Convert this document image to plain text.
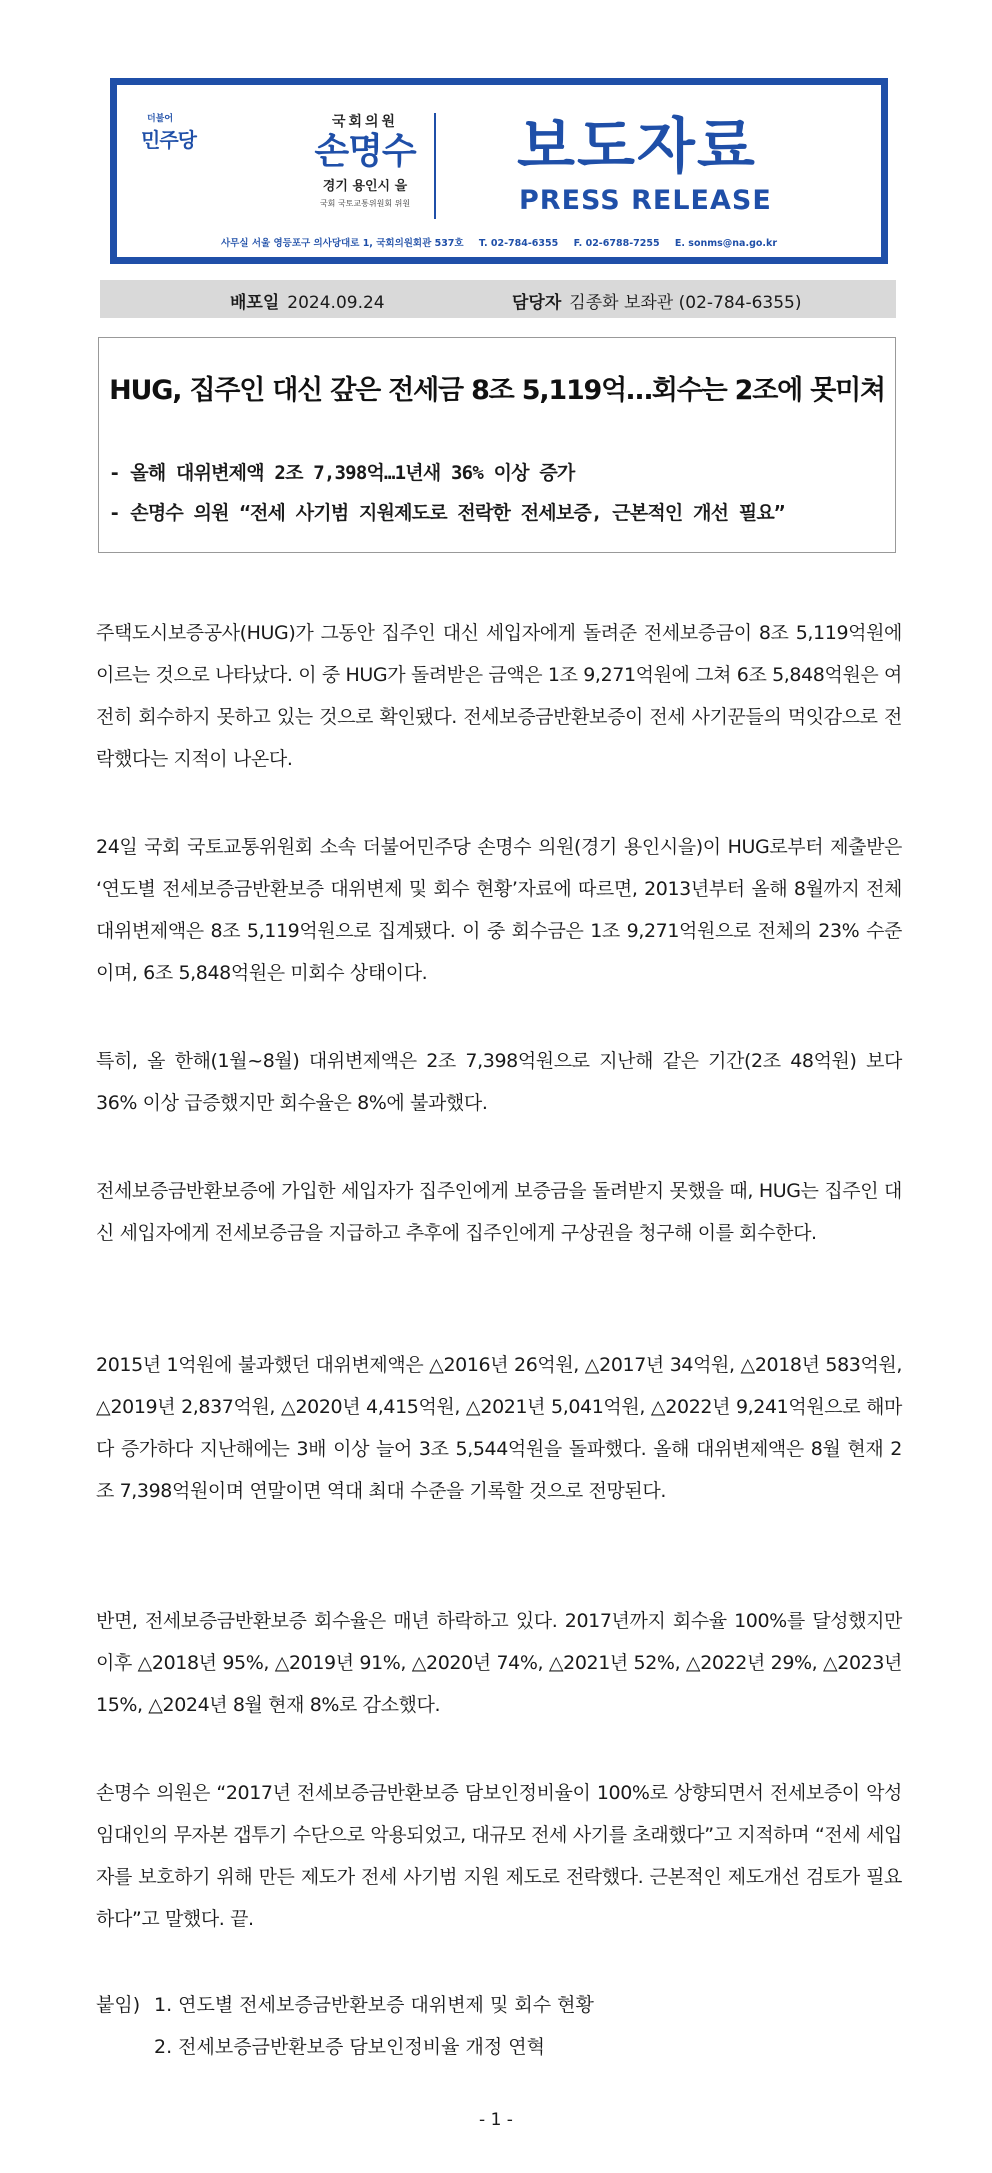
더불어
민주당
국회의원
손명수
경기 용인시 을
국회 국토교통위원회 위원
보도자료
PRESS RELEASE
사무실 서울 영등포구 의사당대로 1, 국회의원회관 537호 T. 02-784-6355 F. 02-6788-7255 E. sonms@na.go.kr
배포일 2024.09.24	담당자 김종화 보좌관 (02-784-6355)
HUG, 집주인 대신 갚은 전세금 8조 5,119억…회수는 2조에 못미쳐
- 올해 대위변제액 2조 7,398억…1년새 36% 이상 증가
- 손명수 의원 “전세 사기범 지원제도로 전락한 전세보증, 근본적인 개선 필요”
주택도시보증공사(HUG)가 그동안 집주인 대신 세입자에게 돌려준 전세보증금이 8조 5,119억원에 이르는 것으로 나타났다. 이 중 HUG가 돌려받은 금액은 1조 9,271억원에 그쳐 6조 5,848억원은 여전히 회수하지 못하고 있는 것으로 확인됐다. 전세보증금반환보증이 전세 사기꾼들의 먹잇감으로 전락했다는 지적이 나온다.
24일 국회 국토교통위원회 소속 더불어민주당 손명수 의원(경기 용인시을)이 HUG로부터 제출받은 ‘연도별 전세보증금반환보증 대위변제 및 회수 현황’자료에 따르면, 2013년부터 올해 8월까지 전체 대위변제액은 8조 5,119억원으로 집계됐다. 이 중 회수금은 1조 9,271억원으로 전체의 23% 수준이며, 6조 5,848억원은 미회수 상태이다.
특히, 올 한해(1월~8월) 대위변제액은 2조 7,398억원으로 지난해 같은 기간(2조 48억원) 보다 36% 이상 급증했지만 회수율은 8%에 불과했다.
전세보증금반환보증에 가입한 세입자가 집주인에게 보증금을 돌려받지 못했을 때, HUG는 집주인 대신 세입자에게 전세보증금을 지급하고 추후에 집주인에게 구상권을 청구해 이를 회수한다.
2015년 1억원에 불과했던 대위변제액은 △2016년 26억원, △2017년 34억원, △2018년 583억원, △2019년 2,837억원, △2020년 4,415억원, △2021년 5,041억원, △2022년 9,241억원으로 해마다 증가하다 지난해에는 3배 이상 늘어 3조 5,544억원을 돌파했다. 올해 대위변제액은 8월 현재 2조 7,398억원이며 연말이면 역대 최대 수준을 기록할 것으로 전망된다.
반면, 전세보증금반환보증 회수율은 매년 하락하고 있다. 2017년까지 회수율 100%를 달성했지만 이후 △2018년 95%, △2019년 91%, △2020년 74%, △2021년 52%, △2022년 29%, △2023년 15%, △2024년 8월 현재 8%로 감소했다.
손명수 의원은 “2017년 전세보증금반환보증 담보인정비율이 100%로 상향되면서 전세보증이 악성 임대인의 무자본 갭투기 수단으로 악용되었고, 대규모 전세 사기를 초래했다”고 지적하며 “전세 세입자를 보호하기 위해 만든 제도가 전세 사기범 지원 제도로 전락했다. 근본적인 제도개선 검토가 필요하다”고 말했다. 끝.
붙임) 1. 연도별 전세보증금반환보증 대위변제 및 회수 현황
2. 전세보증금반환보증 담보인정비율 개정 연혁
- 1 -
